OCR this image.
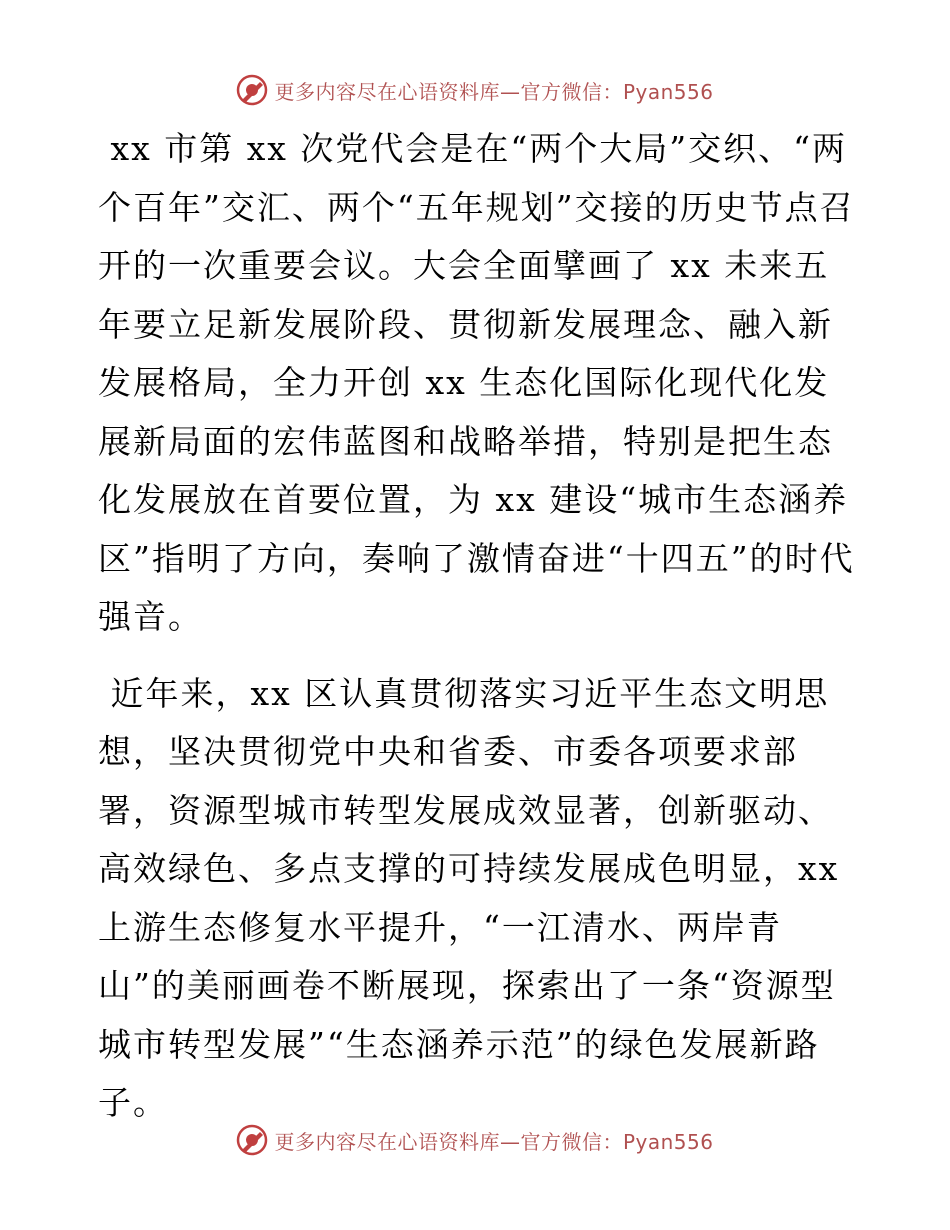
更多内容尽在心语资料库—官方微信：Pyan556

xx 市第 xx 次党代会是在“两个大局”交织、“两个百年”交汇、两个“五年规划”交接的历史节点召开的一次重要会议。大会全面擘画了 xx 未来五年要立足新发展阶段、贯彻新发展理念、融入新发展格局，全力开创 xx 生态化国际化现代化发展新局面的宏伟蓝图和战略举措，特别是把生态化发展放在首要位置，为 xx 建设“城市生态涵养区”指明了方向，奏响了激情奋进“十四五”的时代强音。

近年来，xx 区认真贯彻落实习近平生态文明思想，坚决贯彻党中央和省委、市委各项要求部署，资源型城市转型发展成效显著，创新驱动、高效绿色、多点支撑的可持续发展成色明显，xx 上游生态修复水平提升，“一江清水、两岸青山”的美丽画卷不断展现，探索出了一条“资源型城市转型发展”“生态涵养示范”的绿色发展新路子。

更多内容尽在心语资料库—官方微信：Pyan556
